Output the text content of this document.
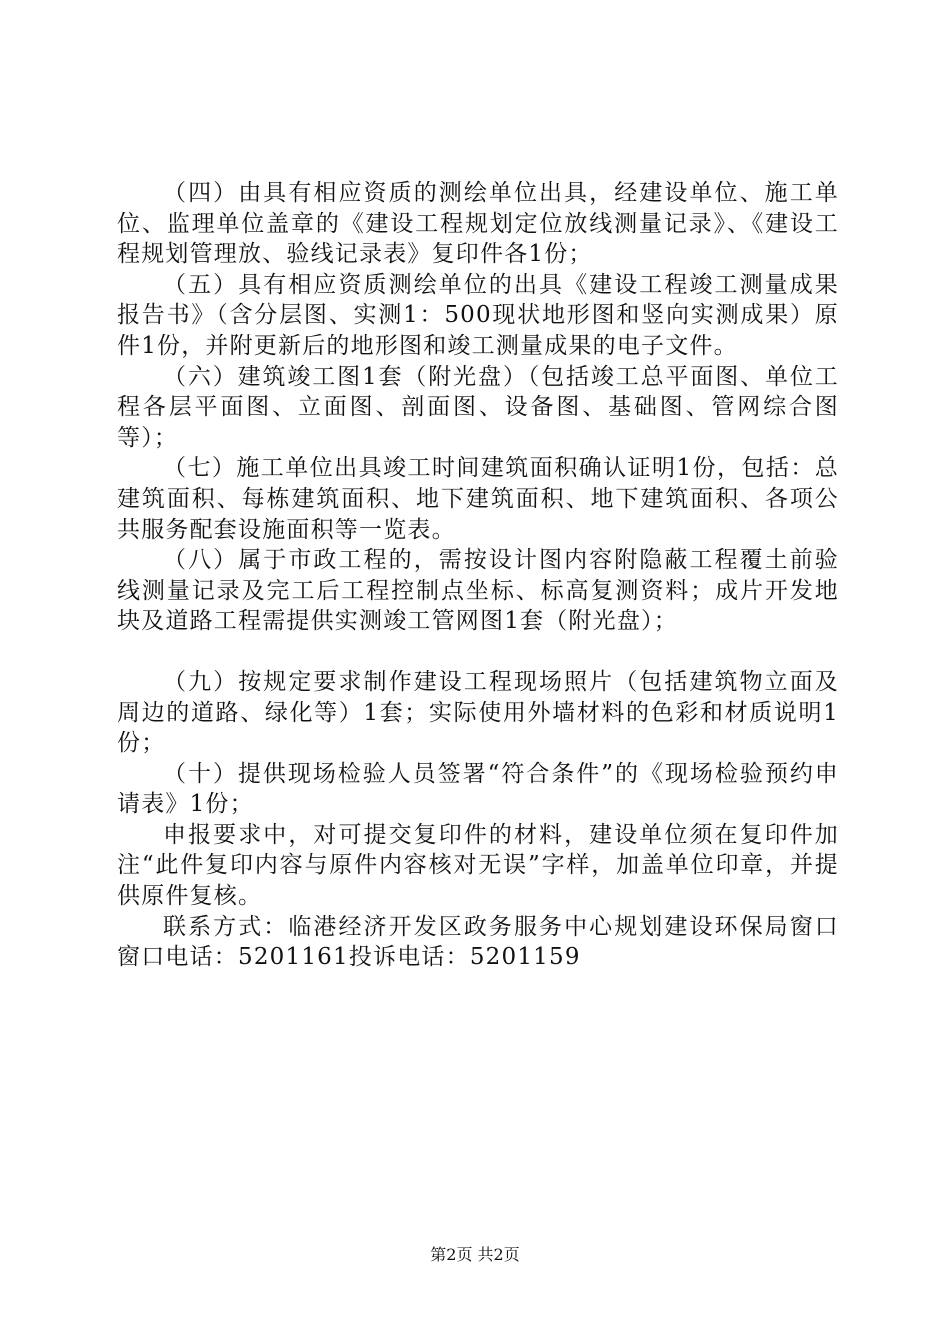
（四）由具有相应资质的测绘单位出具，经建设单位、施工单位、监理单位盖章的《建设工程规划定位放线测量记录》、《建设工程规划管理放、验线记录表》复印件各1份；

（五）具有相应资质测绘单位的出具《建设工程竣工测量成果报告书》（含分层图、实测1：500现状地形图和竖向实测成果）原件1份，并附更新后的地形图和竣工测量成果的电子文件。

（六）建筑竣工图1套（附光盘）（包括竣工总平面图、单位工程各层平面图、立面图、剖面图、设备图、基础图、管网综合图等）；

（七）施工单位出具竣工时间建筑面积确认证明1份，包括：总建筑面积、每栋建筑面积、地下建筑面积、地下建筑面积、各项公共服务配套设施面积等一览表。

（八）属于市政工程的，需按设计图内容附隐蔽工程覆土前验线测量记录及完工后工程控制点坐标、标高复测资料；成片开发地块及道路工程需提供实测竣工管网图1套（附光盘）；

（九）按规定要求制作建设工程现场照片（包括建筑物立面及周边的道路、绿化等）1套；实际使用外墙材料的色彩和材质说明1份；

（十）提供现场检验人员签署“符合条件”的《现场检验预约申请表》1份；

申报要求中，对可提交复印件的材料，建设单位须在复印件加注“此件复印内容与原件内容核对无误”字样，加盖单位印章，并提供原件复核。

联系方式：临港经济开发区政务服务中心规划建设环保局窗口窗口电话：5201161投诉电话：5201159

第2页 共2页
